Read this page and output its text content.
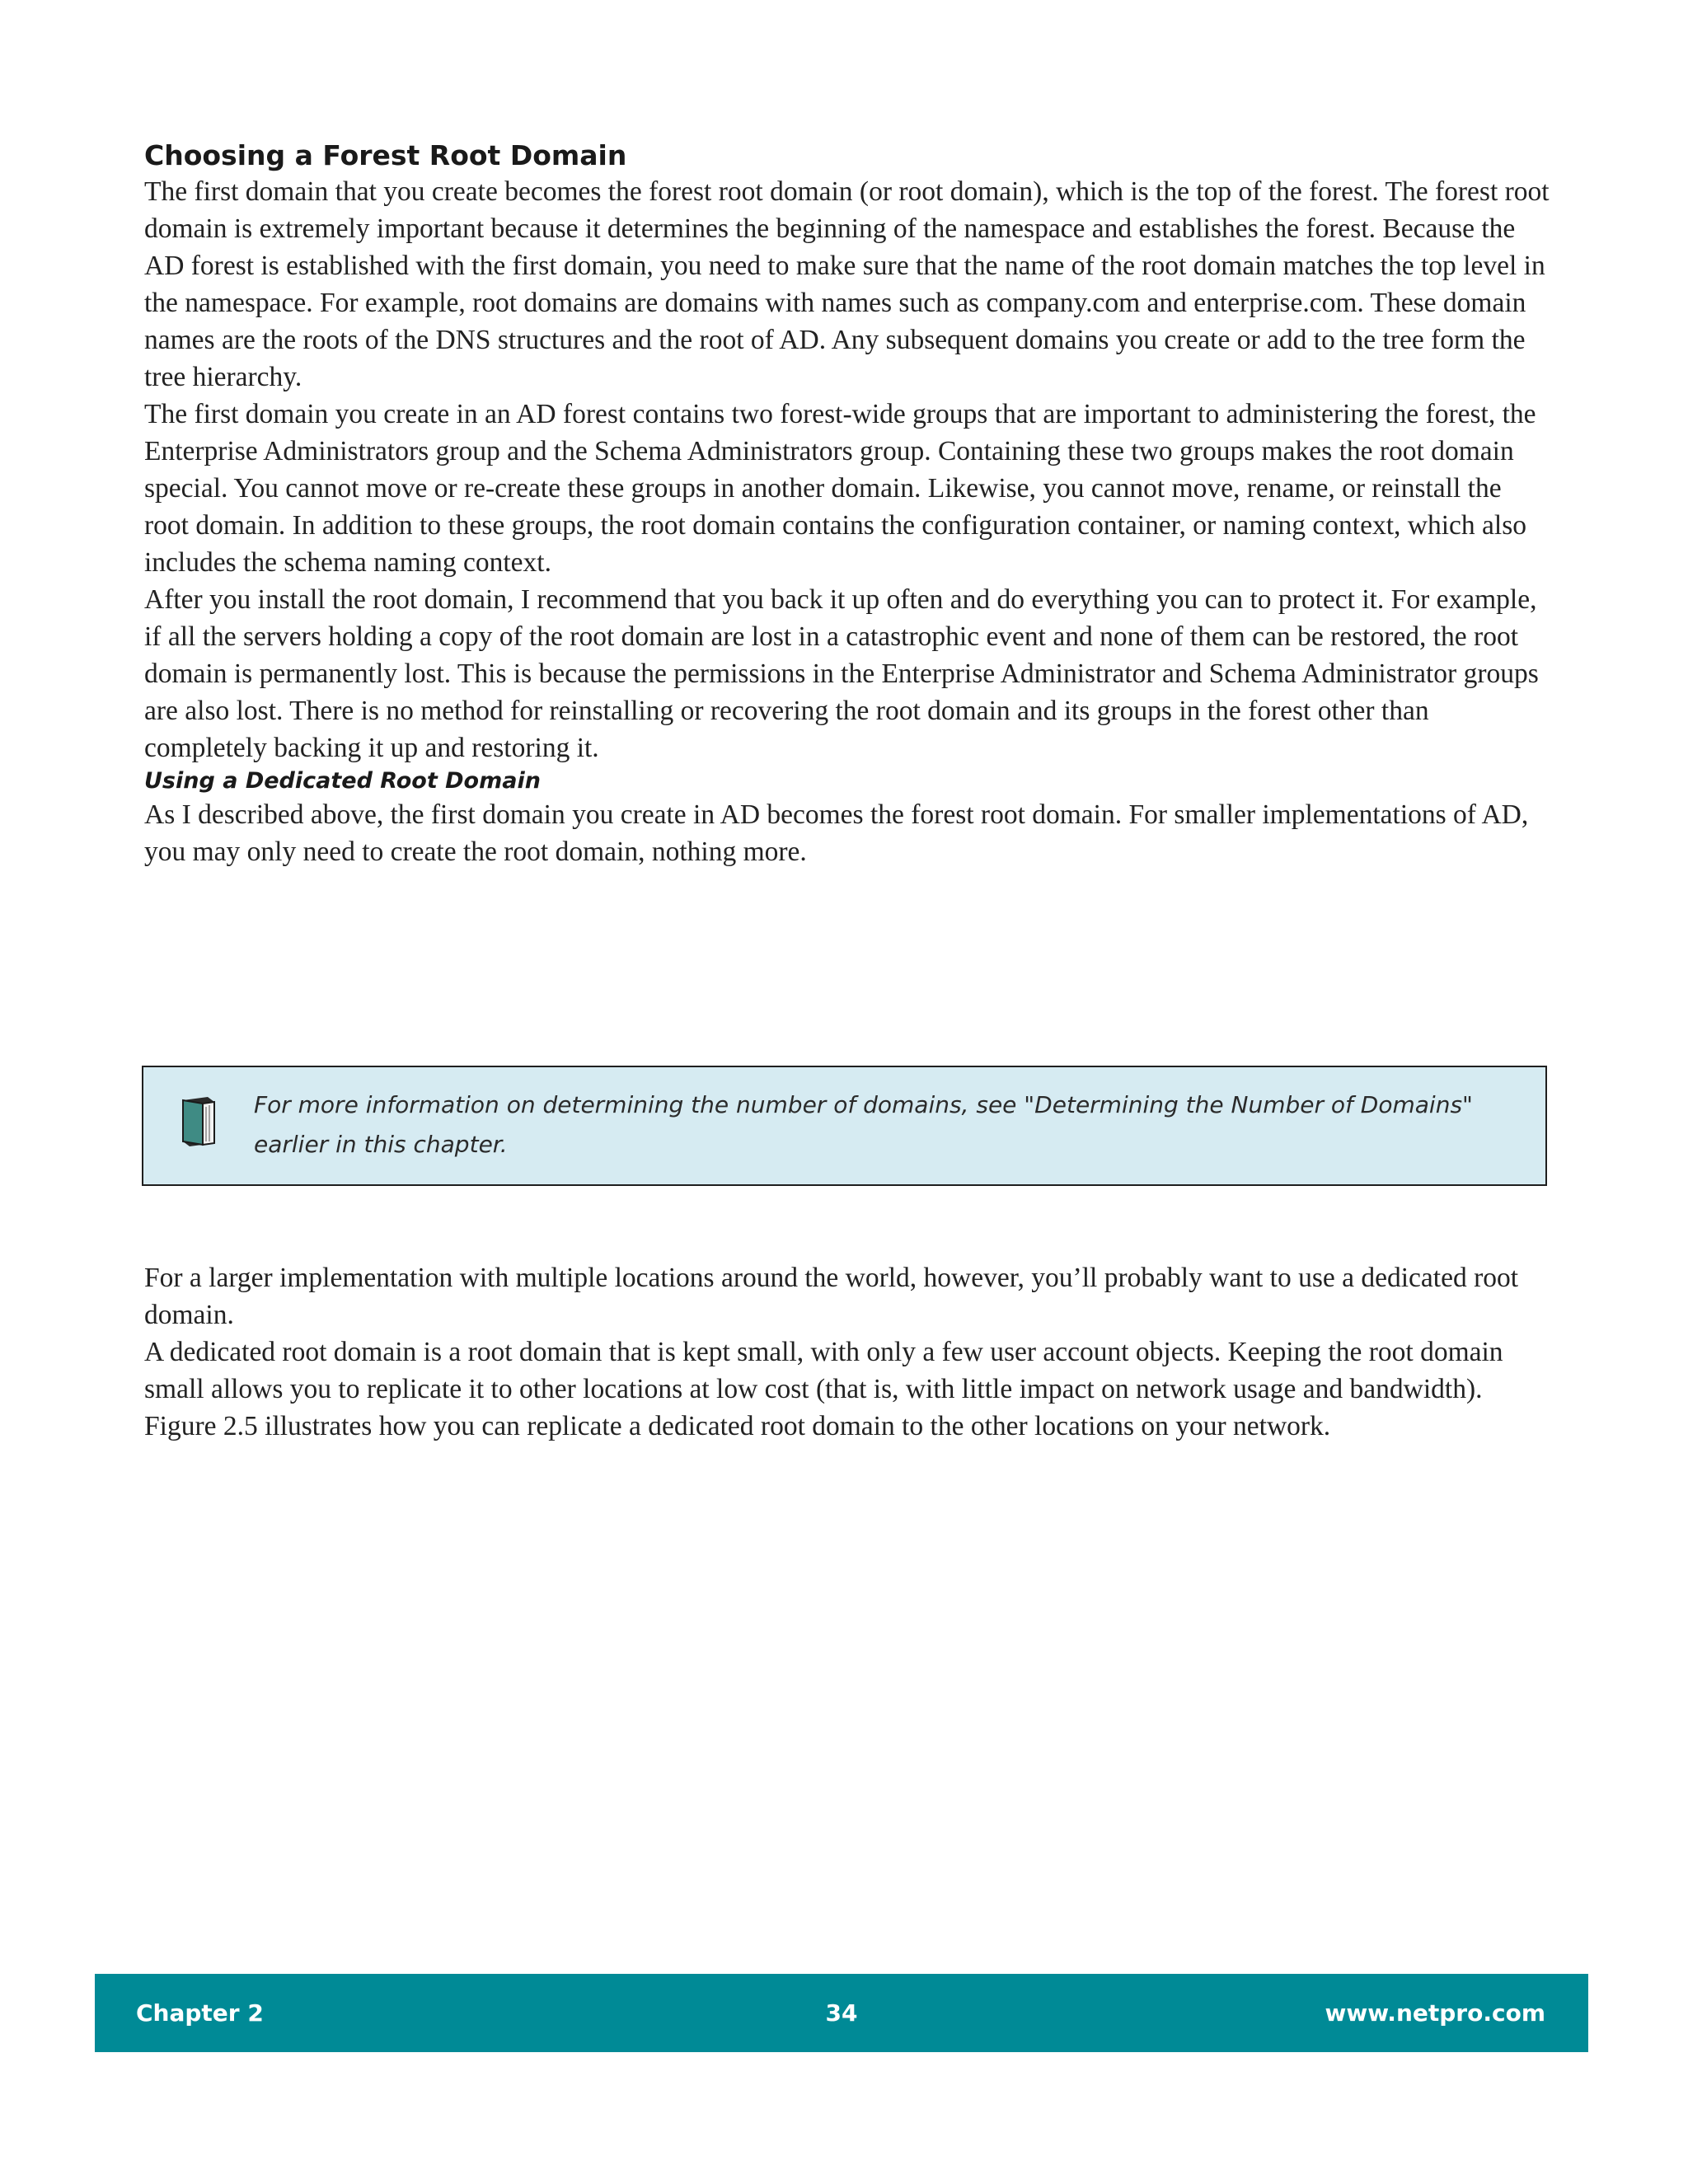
Choosing a Forest Root Domain

The first domain that you create becomes the forest root domain (or root domain), which is the top of the forest. The forest root domain is extremely important because it determines the beginning of the namespace and establishes the forest. Because the AD forest is established with the first domain, you need to make sure that the name of the root domain matches the top level in the namespace. For example, root domains are domains with names such as company.com and enterprise.com. These domain names are the roots of the DNS structures and the root of AD. Any subsequent domains you create or add to the tree form the tree hierarchy.

The first domain you create in an AD forest contains two forest-wide groups that are important to administering the forest, the Enterprise Administrators group and the Schema Administrators group. Containing these two groups makes the root domain special. You cannot move or re-create these groups in another domain. Likewise, you cannot move, rename, or reinstall the root domain. In addition to these groups, the root domain contains the configuration container, or naming context, which also includes the schema naming context.

After you install the root domain, I recommend that you back it up often and do everything you can to protect it. For example, if all the servers holding a copy of the root domain are lost in a catastrophic event and none of them can be restored, the root domain is permanently lost. This is because the permissions in the Enterprise Administrator and Schema Administrator groups are also lost. There is no method for reinstalling or recovering the root domain and its groups in the forest other than completely backing it up and restoring it.

Using a Dedicated Root Domain

As I described above, the first domain you create in AD becomes the forest root domain. For smaller implementations of AD, you may only need to create the root domain, nothing more.

For more information on determining the number of domains, see "Determining the Number of Domains" earlier in this chapter.

For a larger implementation with multiple locations around the world, however, you’ll probably want to use a dedicated root domain.

A dedicated root domain is a root domain that is kept small, with only a few user account objects. Keeping the root domain small allows you to replicate it to other locations at low cost (that is, with little impact on network usage and bandwidth). Figure 2.5 illustrates how you can replicate a dedicated root domain to the other locations on your network.

Chapter 2	34	www.netpro.com
